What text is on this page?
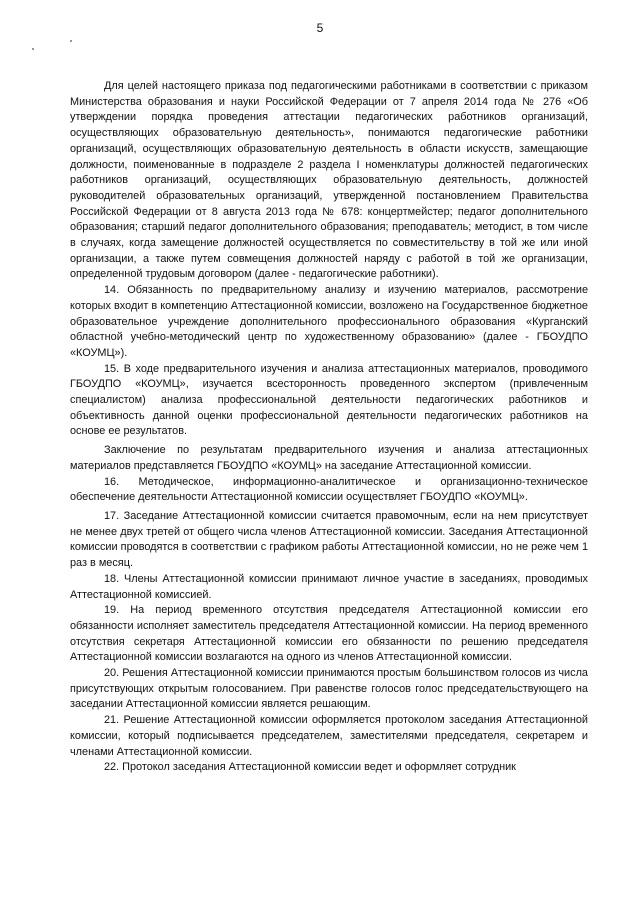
5

Для целей настоящего приказа под педагогическими работниками в соответствии с приказом Министерства образования и науки Российской Федерации от 7 апреля 2014 года № 276 «Об утверждении порядка проведения аттестации педагогических работников организаций, осуществляющих образовательную деятельность», понимаются педагогические работники организаций, осуществляющих образовательную деятельность в области искусств, замещающие должности, поименованные в подразделе 2 раздела I номенклатуры должностей педагогических работников организаций, осуществляющих образовательную деятельность, должностей руководителей образовательных организаций, утвержденной постановлением Правительства Российской Федерации от 8 августа 2013 года № 678: концертмейстер; педагог дополнительного образования; старший педагог дополнительного образования; преподаватель; методист, в том числе в случаях, когда замещение должностей осуществляется по совместительству в той же или иной организации, а также путем совмещения должностей наряду с работой в той же организации, определенной трудовым договором (далее - педагогические работники).

14. Обязанность по предварительному анализу и изучению материалов, рассмотрение которых входит в компетенцию Аттестационной комиссии, возложено на Государственное бюджетное образовательное учреждение дополнительного профессионального образования «Курганский областной учебно-методический центр по художественному образованию» (далее - ГБОУДПО «КОУМЦ»).

15. В ходе предварительного изучения и анализа аттестационных материалов, проводимого ГБОУДПО «КОУМЦ», изучается всесторонность проведенного экспертом (привлеченным специалистом) анализа профессиональной деятельности педагогических работников и объективность данной оценки профессиональной деятельности педагогических работников на основе ее результатов.

Заключение по результатам предварительного изучения и анализа аттестационных материалов представляется ГБОУДПО «КОУМЦ» на заседание Аттестационной комиссии.

16. Методическое, информационно-аналитическое и организационно-техническое обеспечение деятельности Аттестационной комиссии осуществляет ГБОУДПО «КОУМЦ».

17. Заседание Аттестационной комиссии считается правомочным, если на нем присутствует не менее двух третей от общего числа членов Аттестационной комиссии. Заседания Аттестационной комиссии проводятся в соответствии с графиком работы Аттестационной комиссии, но не реже чем 1 раз в месяц.

18. Члены Аттестационной комиссии принимают личное участие в заседаниях, проводимых Аттестационной комиссией.

19. На период временного отсутствия председателя Аттестационной комиссии его обязанности исполняет заместитель председателя Аттестационной комиссии. На период временного отсутствия секретаря Аттестационной комиссии его обязанности по решению председателя Аттестационной комиссии возлагаются на одного из членов Аттестационной комиссии.

20. Решения Аттестационной комиссии принимаются простым большинством голосов из числа присутствующих открытым голосованием. При равенстве голосов голос председательствующего на заседании Аттестационной комиссии является решающим.

21. Решение Аттестационной комиссии оформляется протоколом заседания Аттестационной комиссии, который подписывается председателем, заместителями председателя, секретарем и членами Аттестационной комиссии.

22. Протокол заседания Аттестационной комиссии ведет и оформляет сотрудник
